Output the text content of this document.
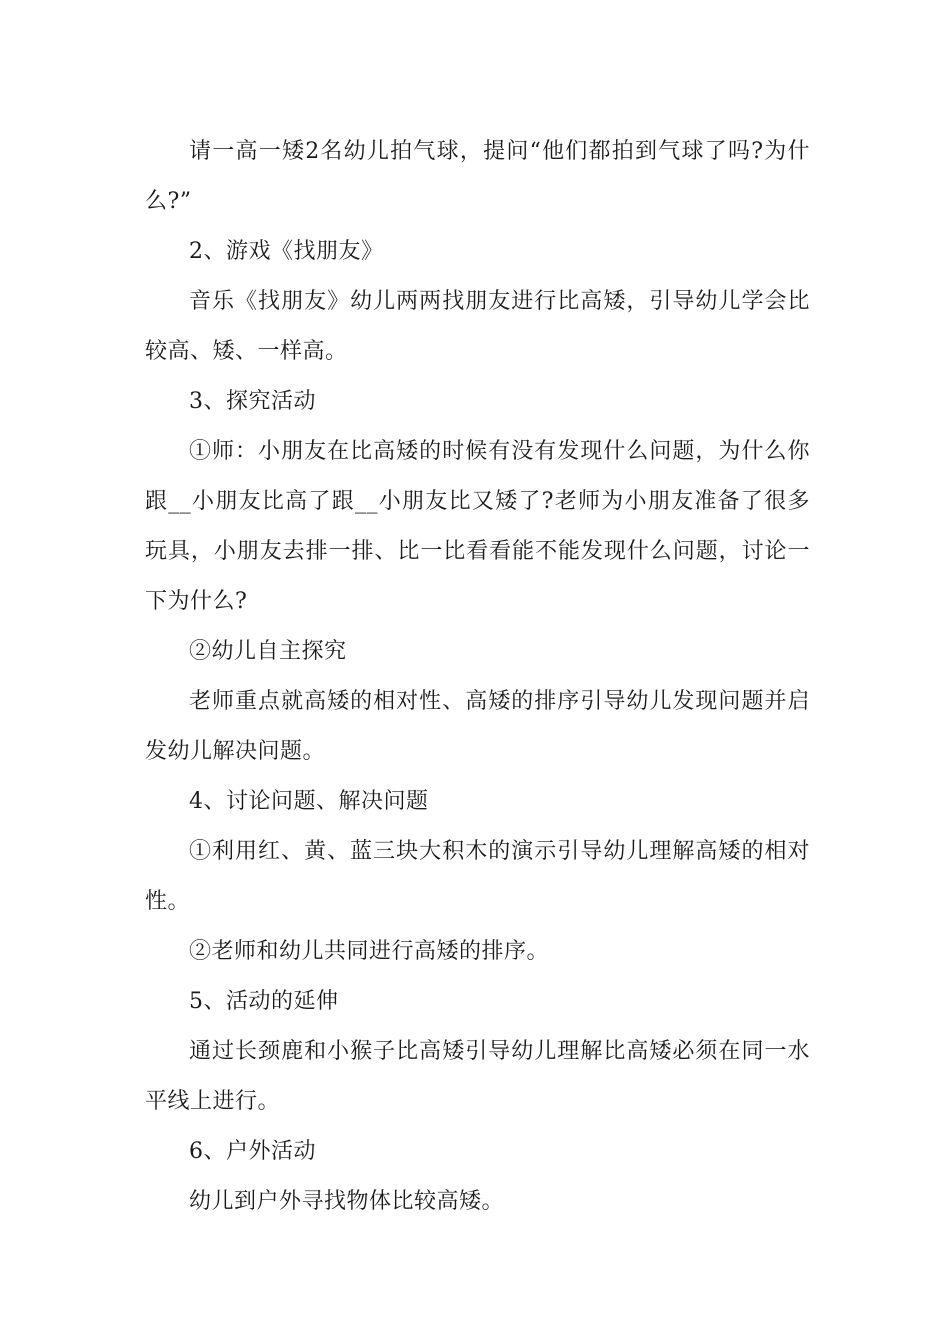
请一高一矮2名幼儿拍气球，提问“他们都拍到气球了吗?为什么?”

2、游戏《找朋友》

音乐《找朋友》幼儿两两找朋友进行比高矮，引导幼儿学会比较高、矮、一样高。

3、探究活动

①师：小朋友在比高矮的时候有没有发现什么问题，为什么你跟__小朋友比高了跟__小朋友比又矮了?老师为小朋友准备了很多玩具，小朋友去排一排、比一比看看能不能发现什么问题，讨论一下为什么?

②幼儿自主探究

老师重点就高矮的相对性、高矮的排序引导幼儿发现问题并启发幼儿解决问题。

4、讨论问题、解决问题

①利用红、黄、蓝三块大积木的演示引导幼儿理解高矮的相对性。

②老师和幼儿共同进行高矮的排序。

5、活动的延伸

通过长颈鹿和小猴子比高矮引导幼儿理解比高矮必须在同一水平线上进行。

6、户外活动

幼儿到户外寻找物体比较高矮。
